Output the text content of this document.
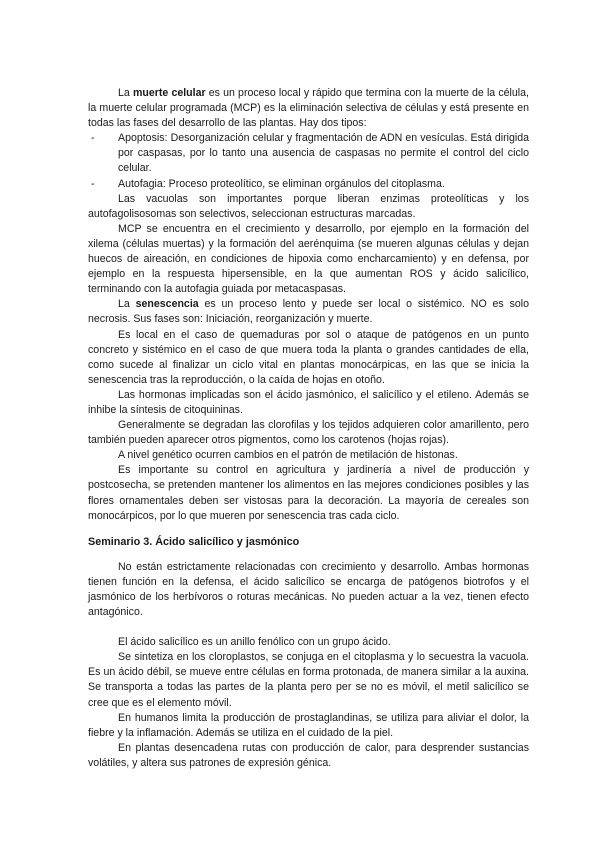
La muerte celular es un proceso local y rápido que termina con la muerte de la célula, la muerte celular programada (MCP) es la eliminación selectiva de células y está presente en todas las fases del desarrollo de las plantas. Hay dos tipos:

- Apoptosis: Desorganización celular y fragmentación de ADN en vesículas. Está dirigida por caspasas, por lo tanto una ausencia de caspasas no permite el control del ciclo celular.
- Autofagia: Proceso proteolítico, se eliminan orgánulos del citoplasma.

Las vacuolas son importantes porque liberan enzimas proteolíticas y los autofagolisosomas son selectivos, seleccionan estructuras marcadas.

MCP se encuentra en el crecimiento y desarrollo, por ejemplo en la formación del xilema (células muertas) y la formación del aerénquima (se mueren algunas células y dejan huecos de aireación, en condiciones de hipoxia como encharcamiento) y en defensa, por ejemplo en la respuesta hipersensible, en la que aumentan ROS y ácido salicílico, terminando con la autofagia guiada por metacaspasas.

La senescencia es un proceso lento y puede ser local o sistémico. NO es solo necrosis. Sus fases son: Iniciación, reorganización y muerte.

Es local en el caso de quemaduras por sol o ataque de patógenos en un punto concreto y sistémico en el caso de que muera toda la planta o grandes cantidades de ella, como sucede al finalizar un ciclo vital en plantas monocárpicas, en las que se inicia la senescencia tras la reproducción, o la caída de hojas en otoño.

Las hormonas implicadas son el ácido jasmónico, el salicílico y el etileno. Además se inhibe la síntesis de citoquininas.

Generalmente se degradan las clorofilas y los tejidos adquieren color amarillento, pero también pueden aparecer otros pigmentos, como los carotenos (hojas rojas).

A nivel genético ocurren cambios en el patrón de metilación de histonas.

Es importante su control en agricultura y jardinería a nivel de producción y postcosecha, se pretenden mantener los alimentos en las mejores condiciones posibles y las flores ornamentales deben ser vistosas para la decoración. La mayoría de cereales son monocárpicos, por lo que mueren por senescencia tras cada ciclo.

Seminario 3. Ácido salicílico y jasmónico

No están estrictamente relacionadas con crecimiento y desarrollo. Ambas hormonas tienen función en la defensa, el ácido salicílico se encarga de patógenos biotrofos y el jasmónico de los herbívoros o roturas mecánicas. No pueden actuar a la vez, tienen efecto antagónico.

El ácido salicílico es un anillo fenólico con un grupo ácido.

Se sintetiza en los cloroplastos, se conjuga en el citoplasma y lo secuestra la vacuola. Es un ácido débil, se mueve entre células en forma protonada, de manera similar a la auxina. Se transporta a todas las partes de la planta pero per se no es móvil, el metil salicílico se cree que es el elemento móvil.

En humanos limita la producción de prostaglandinas, se utiliza para aliviar el dolor, la fiebre y la inflamación. Además se utiliza en el cuidado de la piel.

En plantas desencadena rutas con producción de calor, para desprender sustancias volátiles, y altera sus patrones de expresión génica.
